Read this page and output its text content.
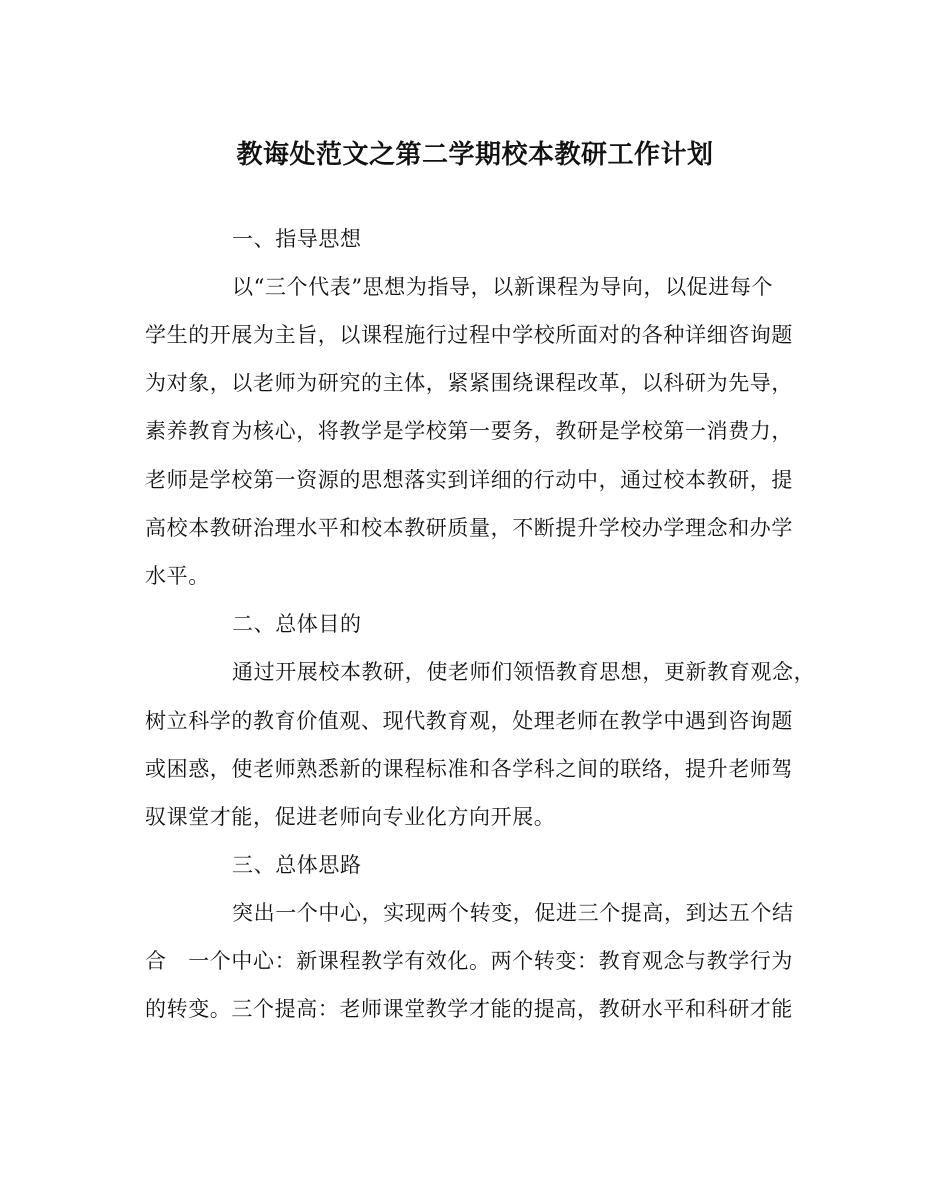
教诲处范文之第二学期校本教研工作计划
一、指导思想
以“三个代表”思想为指导，以新课程为导向，以促进每个
学生的开展为主旨，以课程施行过程中学校所面对的各种详细咨询题
为对象，以老师为研究的主体，紧紧围绕课程改革，以科研为先导，
素养教育为核心，将教学是学校第一要务，教研是学校第一消费力，
老师是学校第一资源的思想落实到详细的行动中，通过校本教研，提
高校本教研治理水平和校本教研质量，不断提升学校办学理念和办学
水平。
二、总体目的
通过开展校本教研，使老师们领悟教育思想，更新教育观念，
树立科学的教育价值观、现代教育观，处理老师在教学中遇到咨询题
或困惑，使老师熟悉新的课程标准和各学科之间的联络，提升老师驾
驭课堂才能，促进老师向专业化方向开展。
三、总体思路
突出一个中心，实现两个转变，促进三个提高，到达五个结
合　一个中心：新课程教学有效化。两个转变：教育观念与教学行为
的转变。三个提高：老师课堂教学才能的提高，教研水平和科研才能
